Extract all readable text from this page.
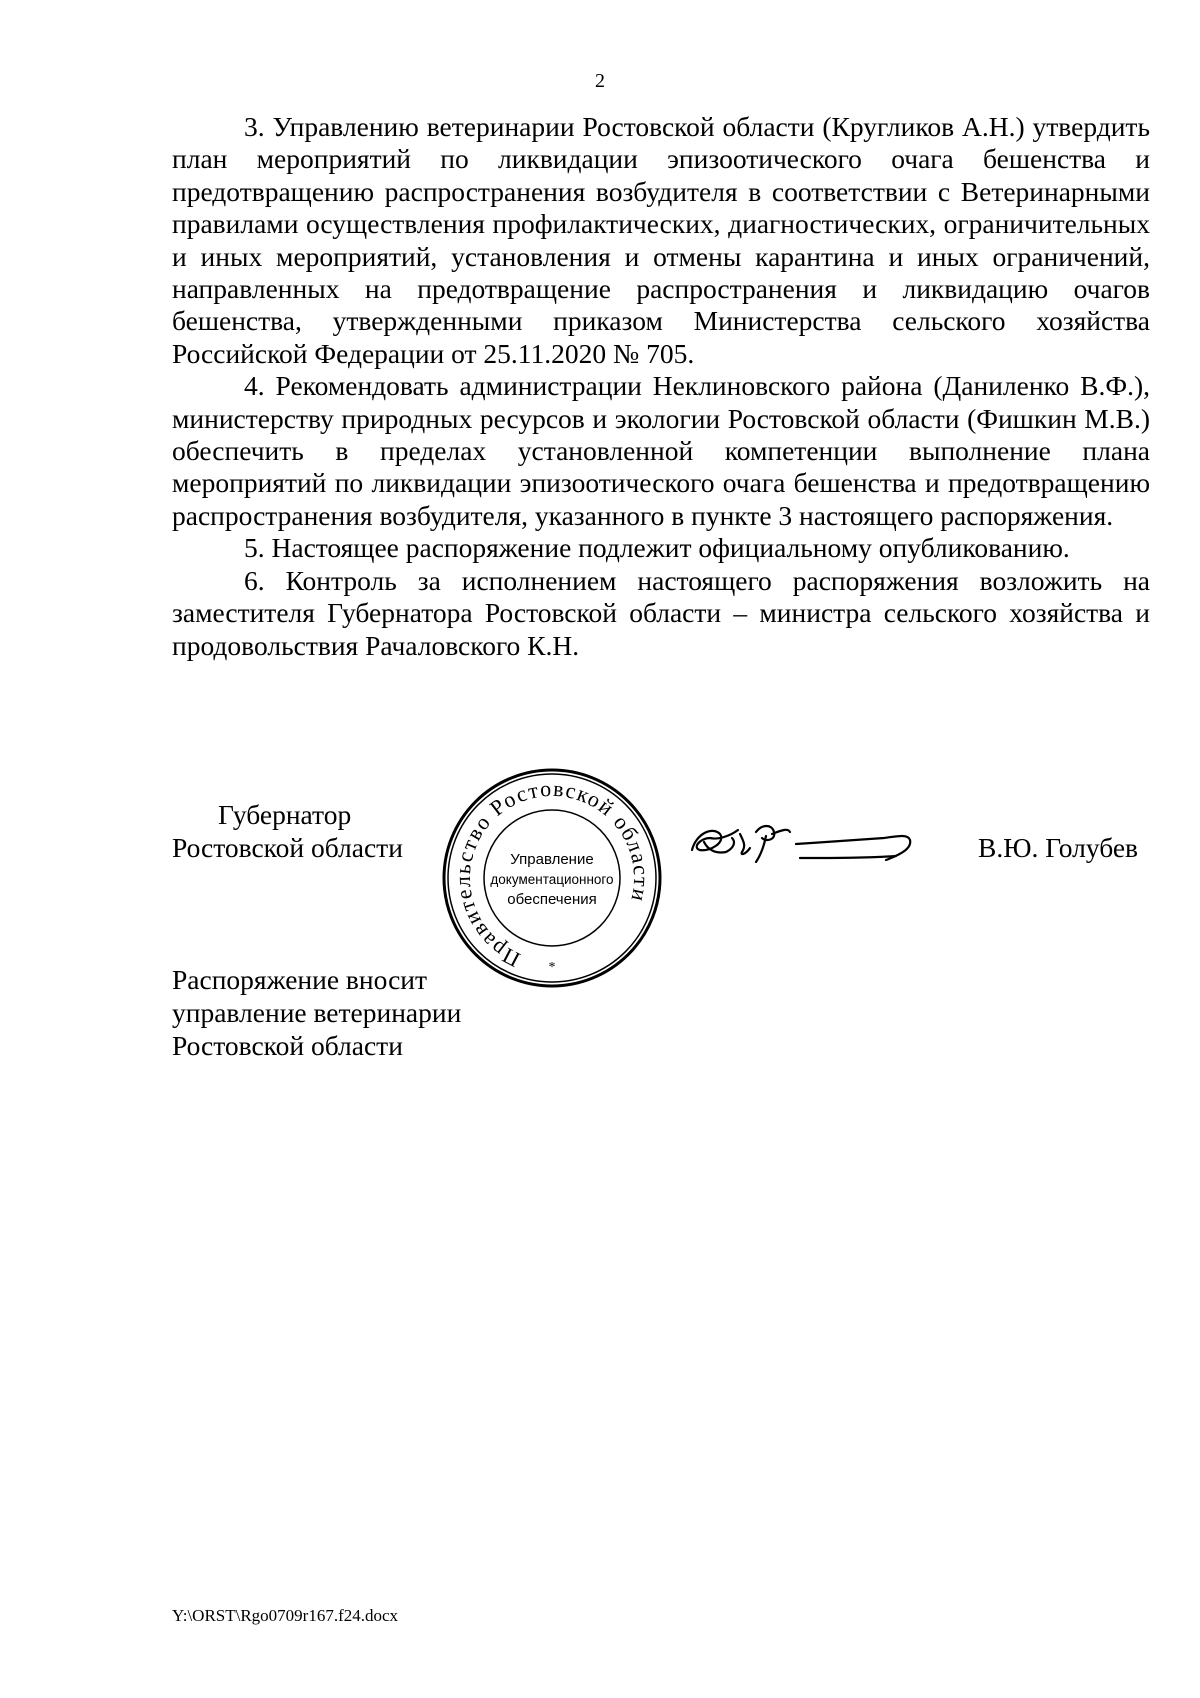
2

3. Управлению ветеринарии Ростовской области (Кругликов А.Н.) утвердить план мероприятий по ликвидации эпизоотического очага бешенства и предотвращению распространения возбудителя в соответствии с Ветеринарными правилами осуществления профилактических, диагностических, ограничительных и иных мероприятий, установления и отмены карантина и иных ограничений, направленных на предотвращение распространения и ликвидацию очагов бешенства, утвержденными приказом Министерства сельского хозяйства Российской Федерации от 25.11.2020 № 705.

4. Рекомендовать администрации Неклиновского района (Даниленко В.Ф.), министерству природных ресурсов и экологии Ростовской области (Фишкин М.В.) обеспечить в пределах установленной компетенции выполнение плана мероприятий по ликвидации эпизоотического очага бешенства и предотвращению распространения возбудителя, указанного в пункте 3 настоящего распоряжения.

5. Настоящее распоряжение подлежит официальному опубликованию.

6. Контроль за исполнением настоящего распоряжения возложить на заместителя Губернатора Ростовской области – министра сельского хозяйства и продовольствия Рачаловского К.Н.

Губернатор
Ростовской области
Правительство Ростовской области
Управление
документационного
обеспечения
*
В.Ю. Голубев
Распоряжение вносит
управление ветеринарии
Ростовской области
Y:\ORST\Rgo0709r167.f24.docx
